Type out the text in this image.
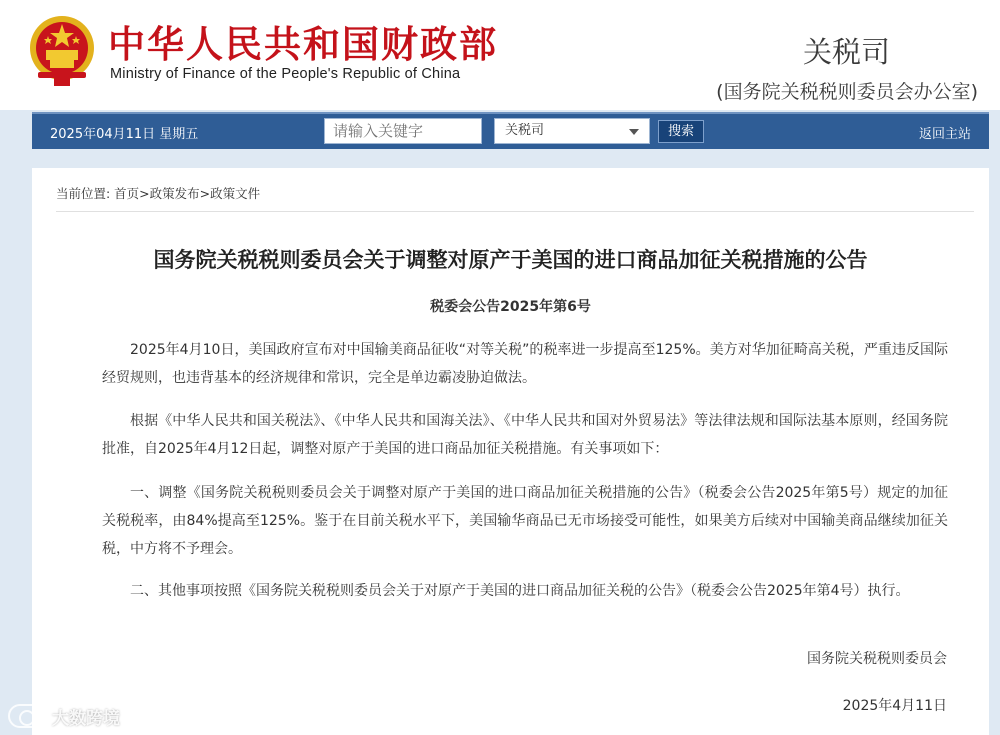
中华人民共和国财政部
Ministry of Finance of the People's Republic of China
关税司
(国务院关税税则委员会办公室)
2025年04月11日 星期五
请输入关键字	关税司	搜索	返回主站
当前位置: 首页>政策发布>政策文件
国务院关税税则委员会关于调整对原产于美国的进口商品加征关税措施的公告
税委会公告2025年第6号

2025年4月10日，美国政府宣布对中国输美商品征收“对等关税”的税率进一步提高至125%。美方对华加征畸高关税，严重违反国际经贸规则，也违背基本的经济规律和常识，完全是单边霸凌胁迫做法。

根据《中华人民共和国关税法》、《中华人民共和国海关法》、《中华人民共和国对外贸易法》等法律法规和国际法基本原则，经国务院批准，自2025年4月12日起，调整对原产于美国的进口商品加征关税措施。有关事项如下：

一、调整《国务院关税税则委员会关于调整对原产于美国的进口商品加征关税措施的公告》（税委会公告2025年第5号）规定的加征关税税率，由84%提高至125%。鉴于在目前关税水平下，美国输华商品已无市场接受可能性，如果美方后续对中国输美商品继续加征关税，中方将不予理会。

二、其他事项按照《国务院关税税则委员会关于对原产于美国的进口商品加征关税的公告》（税委会公告2025年第4号）执行。

国务院关税税则委员会
2025年4月11日
大数跨境
